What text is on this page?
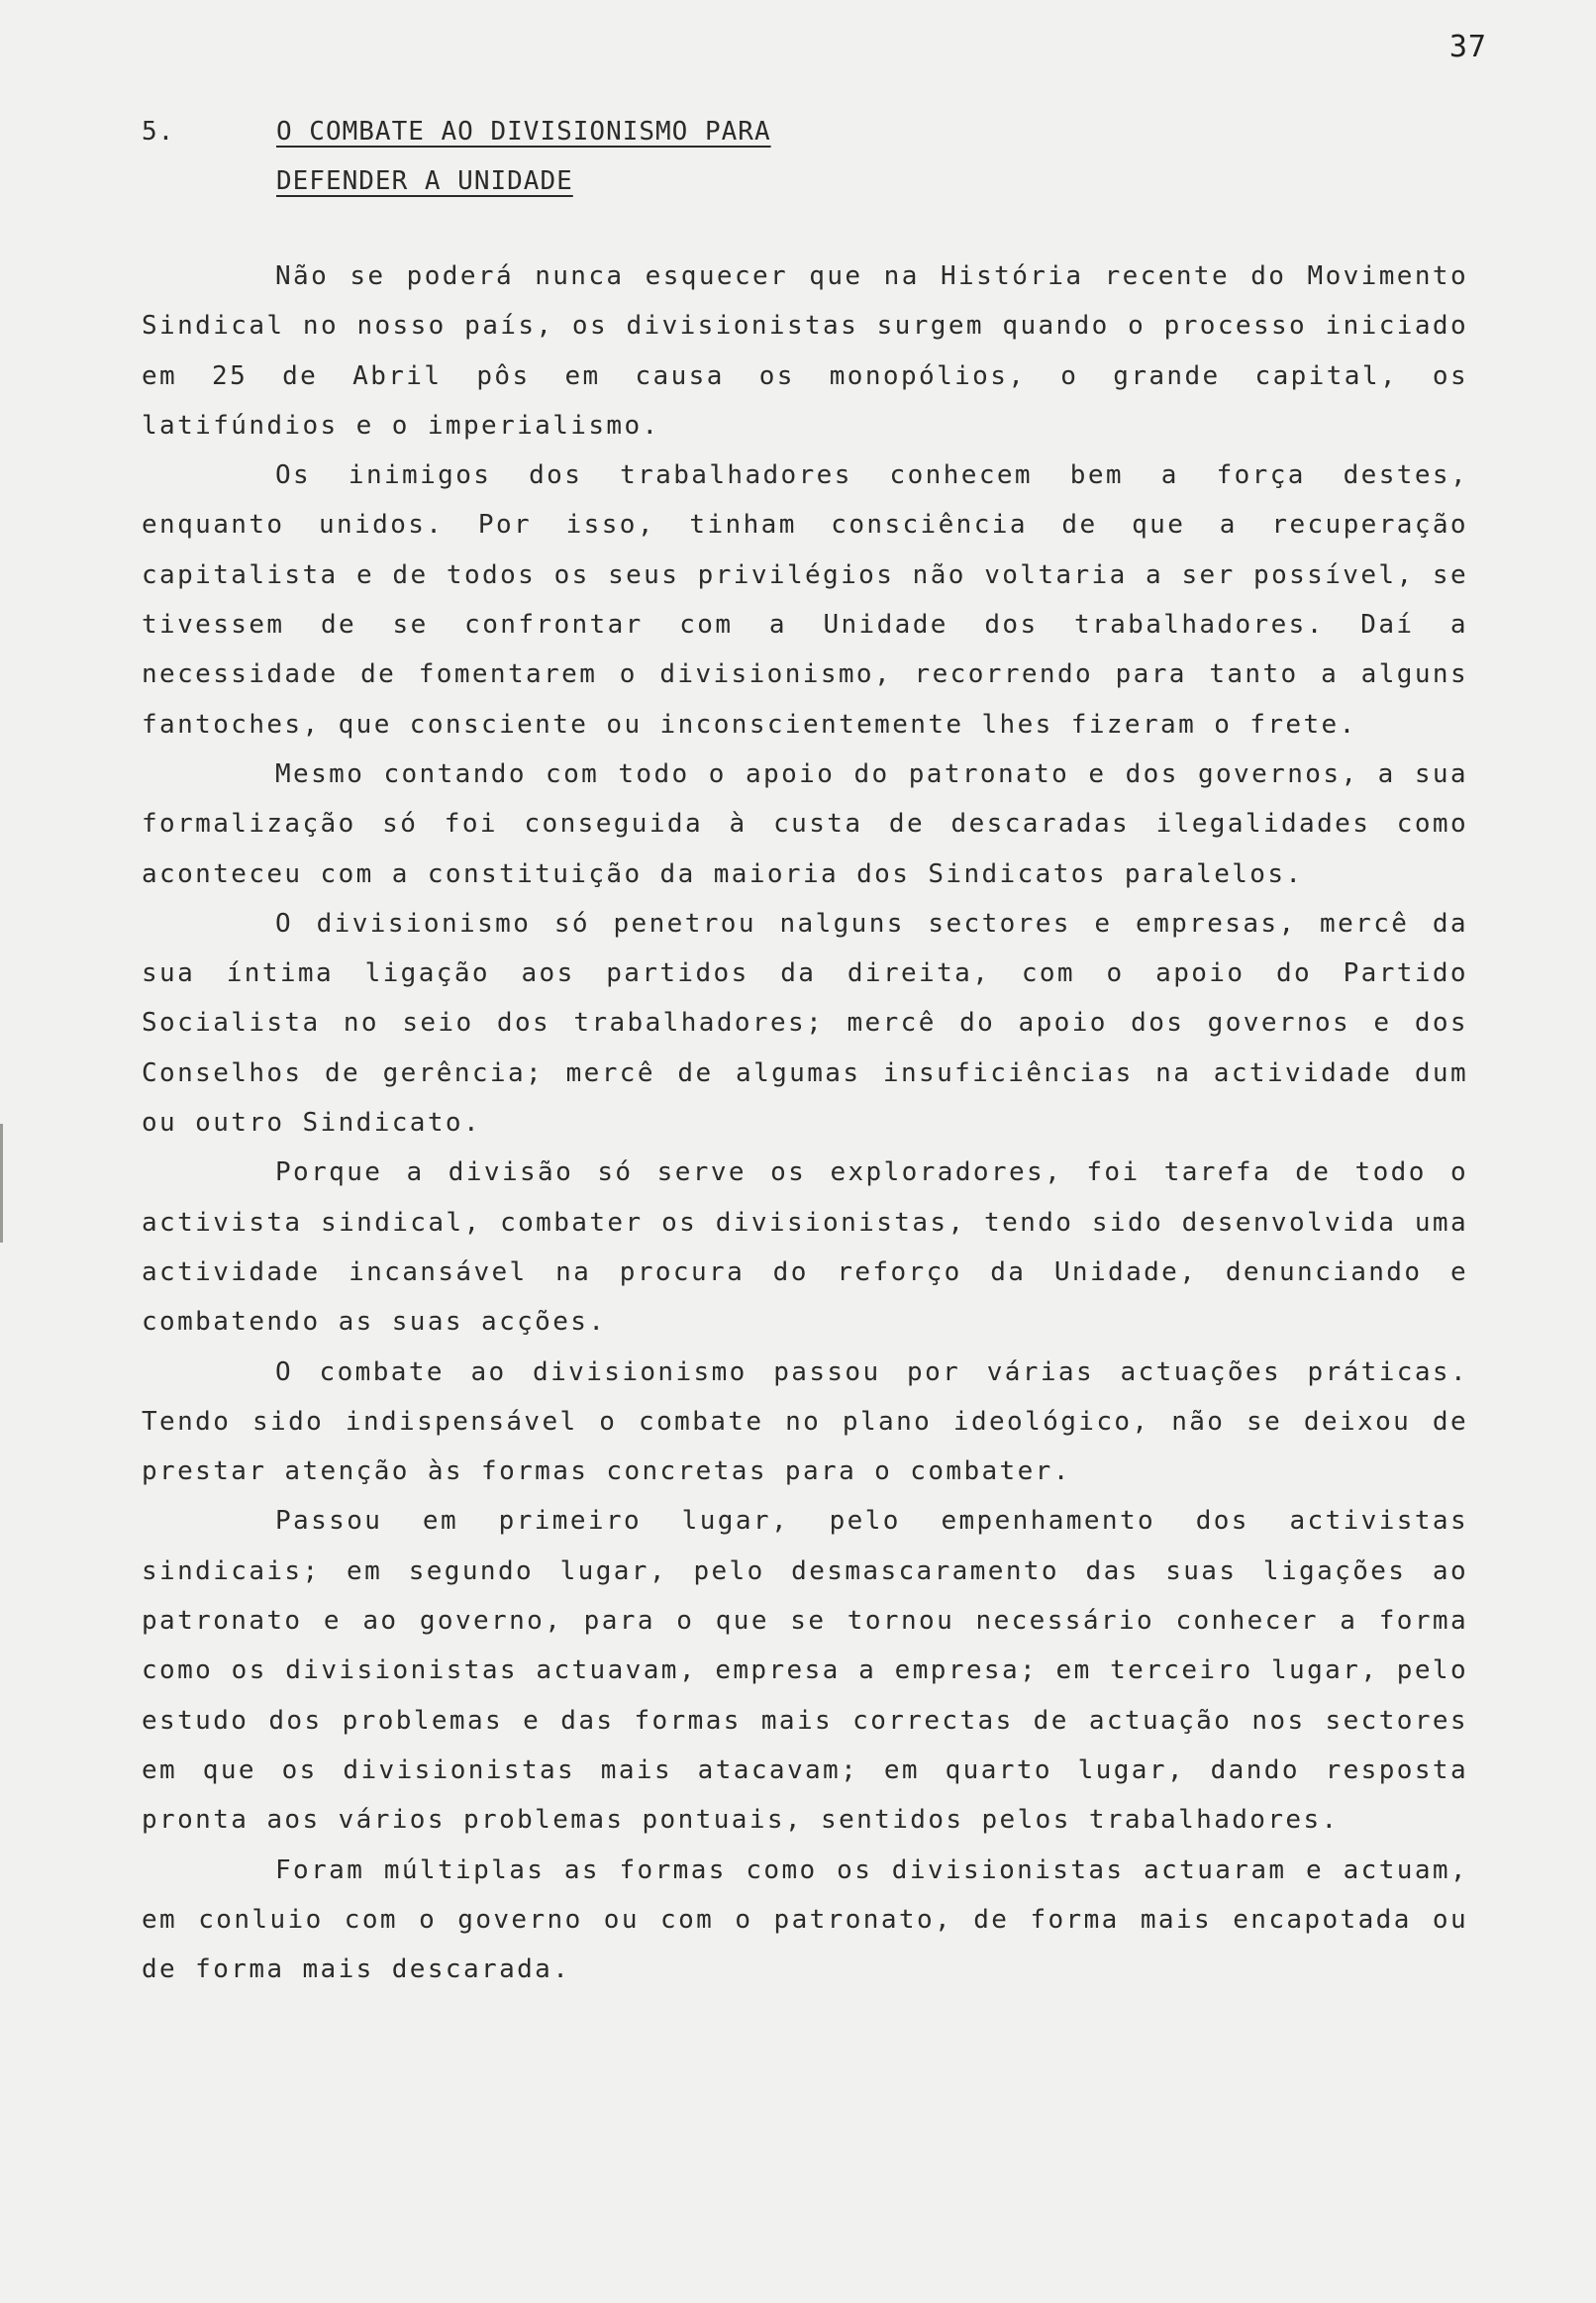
37
5.	O COMBATE AO DIVISIONISMO PARA
DEFENDER A UNIDADE

Não se poderá nunca esquecer que na História recente do Movimento Sindical no nosso país, os divisionistas surgem quando o processo iniciado em 25 de Abril pôs em causa os monopólios, o grande capital, os latifúndios e o imperialismo.

Os inimigos dos trabalhadores conhecem bem a força destes, enquanto unidos. Por isso, tinham consciência de que a recuperação capitalista e de todos os seus privilégios não voltaria a ser possível, se tivessem de se confrontar com a Unidade dos trabalhadores. Daí a necessidade de fomentarem o divisionismo, recorrendo para tanto a alguns fantoches, que consciente ou inconscientemente lhes fizeram o frete.

Mesmo contando com todo o apoio do patronato e dos governos, a sua formalização só foi conseguida à custa de descaradas ilegalidades como aconteceu com a constituição da maioria dos Sindicatos paralelos.

O divisionismo só penetrou nalguns sectores e empresas, mercê da sua íntima ligação aos partidos da direita, com o apoio do Partido Socialista no seio dos trabalhadores; mercê do apoio dos governos e dos Conselhos de gerência; mercê de algumas insuficiências na actividade dum ou outro Sindicato.

Porque a divisão só serve os exploradores, foi tarefa de todo o activista sindical, combater os divisionistas, tendo sido desenvolvida uma actividade incansável na procura do reforço da Unidade, denunciando e combatendo as suas acções.

O combate ao divisionismo passou por várias actuações práticas. Tendo sido indispensável o combate no plano ideológico, não se deixou de prestar atenção às formas concretas para o combater.

Passou em primeiro lugar, pelo empenhamento dos activistas sindicais; em segundo lugar, pelo desmascaramento das suas ligações ao patronato e ao governo, para o que se tornou necessário conhecer a forma como os divisionistas actuavam, empresa a empresa; em terceiro lugar, pelo estudo dos problemas e das formas mais correctas de actuação nos sectores em que os divisionistas mais atacavam; em quarto lugar, dando resposta pronta aos vários problemas pontuais, sentidos pelos trabalhadores.

Foram múltiplas as formas como os divisionistas actuaram e actuam, em conluio com o governo ou com o patronato, de forma mais encapotada ou de forma mais descarada.
